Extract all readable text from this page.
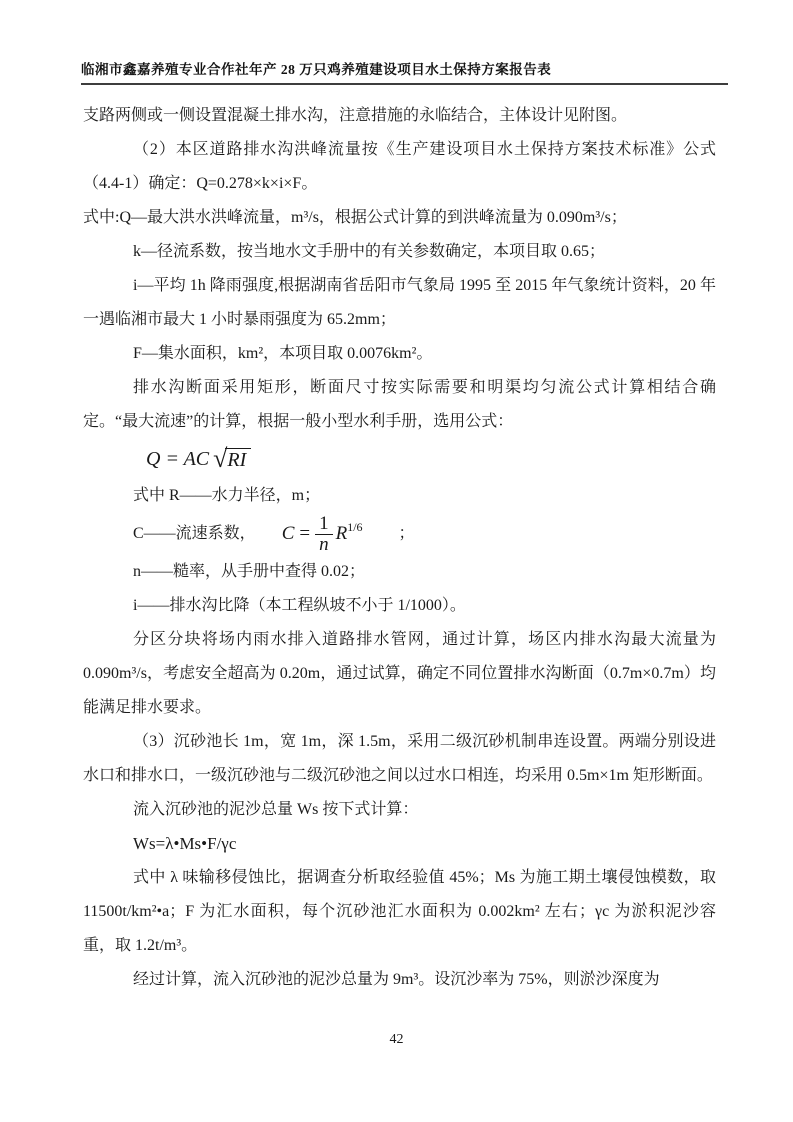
临湘市鑫嘉养殖专业合作社年产 28 万只鸡养殖建设项目水土保持方案报告表

支路两侧或一侧设置混凝土排水沟，注意措施的永临结合，主体设计见附图。

（2）本区道路排水沟洪峰流量按《生产建设项目水土保持方案技术标准》公式（4.4-1）确定：Q=0.278×k×i×F。

式中:Q—最大洪水洪峰流量，m³/s，根据公式计算的到洪峰流量为 0.090m³/s；

k—径流系数，按当地水文手册中的有关参数确定，本项目取 0.65；

i—平均 1h 降雨强度,根据湖南省岳阳市气象局 1995 至 2015 年气象统计资料，20 年一遇临湘市最大 1 小时暴雨强度为 65.2mm；

F—集水面积，km²，本项目取 0.0076km²。

排水沟断面采用矩形，断面尺寸按实际需要和明渠均匀流公式计算相结合确定。“最大流速”的计算，根据一般小型水利手册，选用公式：

Q = AC √ RI

式中 R——水力半径，m；

C——流速系数， $C = \frac{1}{n} R^{1/6}$ ；

n——糙率，从手册中查得 0.02；

i——排水沟比降（本工程纵坡不小于 1/1000）。

分区分块将场内雨水排入道路排水管网，通过计算，场区内排水沟最大流量为 0.090m³/s，考虑安全超高为 0.20m，通过试算，确定不同位置排水沟断面（0.7m×0.7m）均能满足排水要求。

（3）沉砂池长 1m，宽 1m，深 1.5m，采用二级沉砂机制串连设置。两端分别设进水口和排水口，一级沉砂池与二级沉砂池之间以过水口相连，均采用 0.5m×1m 矩形断面。

流入沉砂池的泥沙总量 Ws 按下式计算：

Ws=λ•Ms•F/γc

式中 λ 味输移侵蚀比，据调查分析取经验值 45%；Ms 为施工期土壤侵蚀模数，取 11500t/km²•a；F 为汇水面积，每个沉砂池汇水面积为 0.002km² 左右；γc 为淤积泥沙容重，取 1.2t/m³。

经过计算，流入沉砂池的泥沙总量为 9m³。设沉沙率为 75%，则淤沙深度为

42
